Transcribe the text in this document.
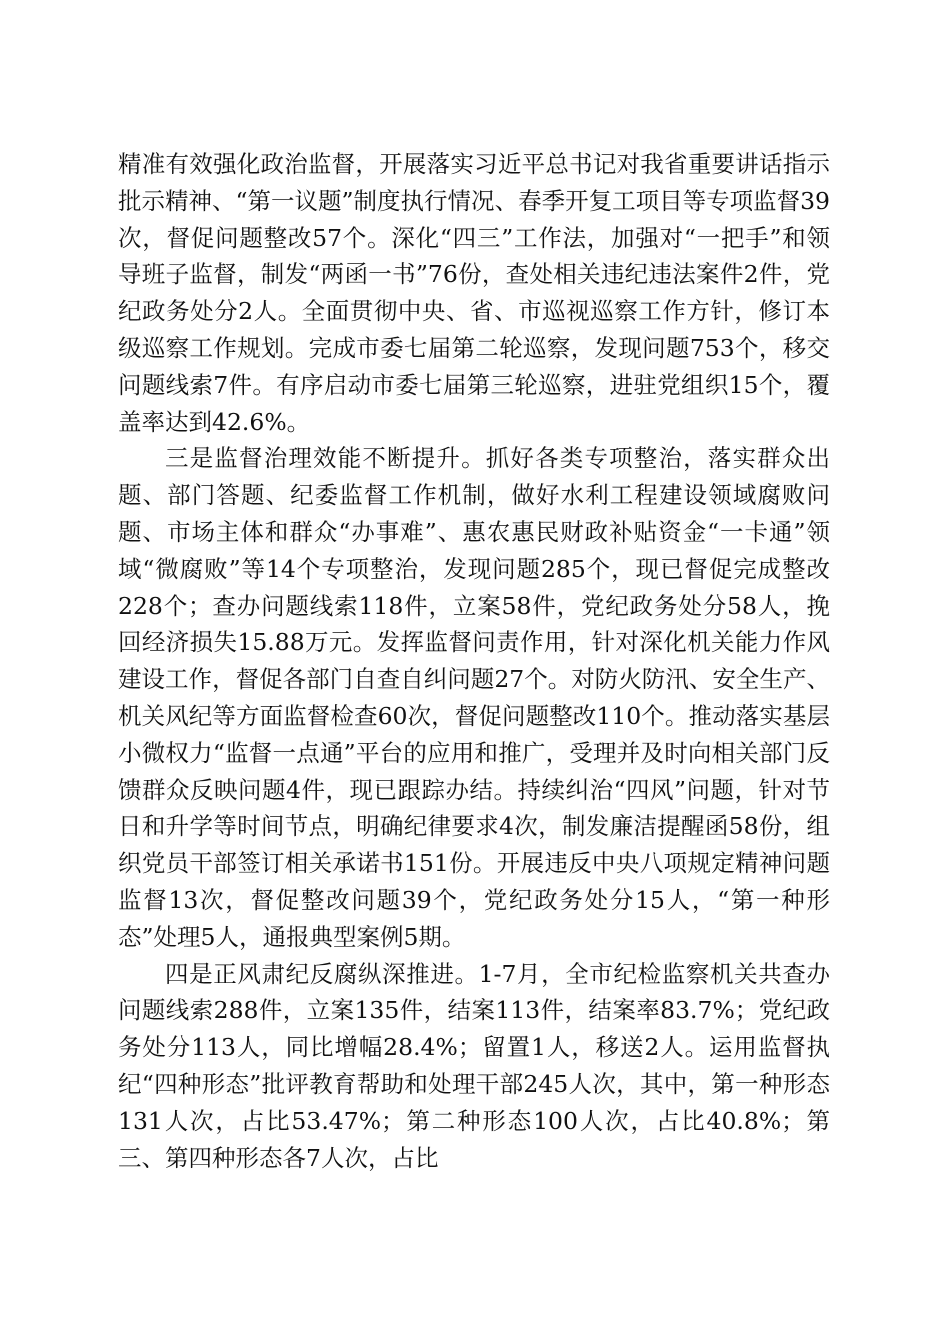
精准有效强化政治监督，开展落实习近平总书记对我省重要讲话指示批示精神、“第一议题”制度执行情况、春季开复工项目等专项监督39次，督促问题整改57个。深化“四三”工作法，加强对“一把手”和领导班子监督，制发“两函一书”76份，查处相关违纪违法案件2件，党纪政务处分2人。全面贯彻中央、省、市巡视巡察工作方针，修订本级巡察工作规划。完成市委七届第二轮巡察，发现问题753个，移交问题线索7件。有序启动市委七届第三轮巡察，进驻党组织15个，覆盖率达到42.6%。

三是监督治理效能不断提升。抓好各类专项整治，落实群众出题、部门答题、纪委监督工作机制，做好水利工程建设领域腐败问题、市场主体和群众“办事难”、惠农惠民财政补贴资金“一卡通”领域“微腐败”等14个专项整治，发现问题285个，现已督促完成整改228个；查办问题线索118件，立案58件，党纪政务处分58人，挽回经济损失15.88万元。发挥监督问责作用，针对深化机关能力作风建设工作，督促各部门自查自纠问题27个。对防火防汛、安全生产、机关风纪等方面监督检查60次，督促问题整改110个。推动落实基层小微权力“监督一点通”平台的应用和推广，受理并及时向相关部门反馈群众反映问题4件，现已跟踪办结。持续纠治“四风”问题，针对节日和升学等时间节点，明确纪律要求4次，制发廉洁提醒函58份，组织党员干部签订相关承诺书151份。开展违反中央八项规定精神问题监督13次，督促整改问题39个，党纪政务处分15人，“第一种形态”处理5人，通报典型案例5期。

四是正风肃纪反腐纵深推进。1-7月，全市纪检监察机关共查办问题线索288件，立案135件，结案113件，结案率83.7%；党纪政务处分113人，同比增幅28.4%；留置1人，移送2人。运用监督执纪“四种形态”批评教育帮助和处理干部245人次，其中，第一种形态131人次，占比53.47%；第二种形态100人次，占比40.8%；第三、第四种形态各7人次，占比
